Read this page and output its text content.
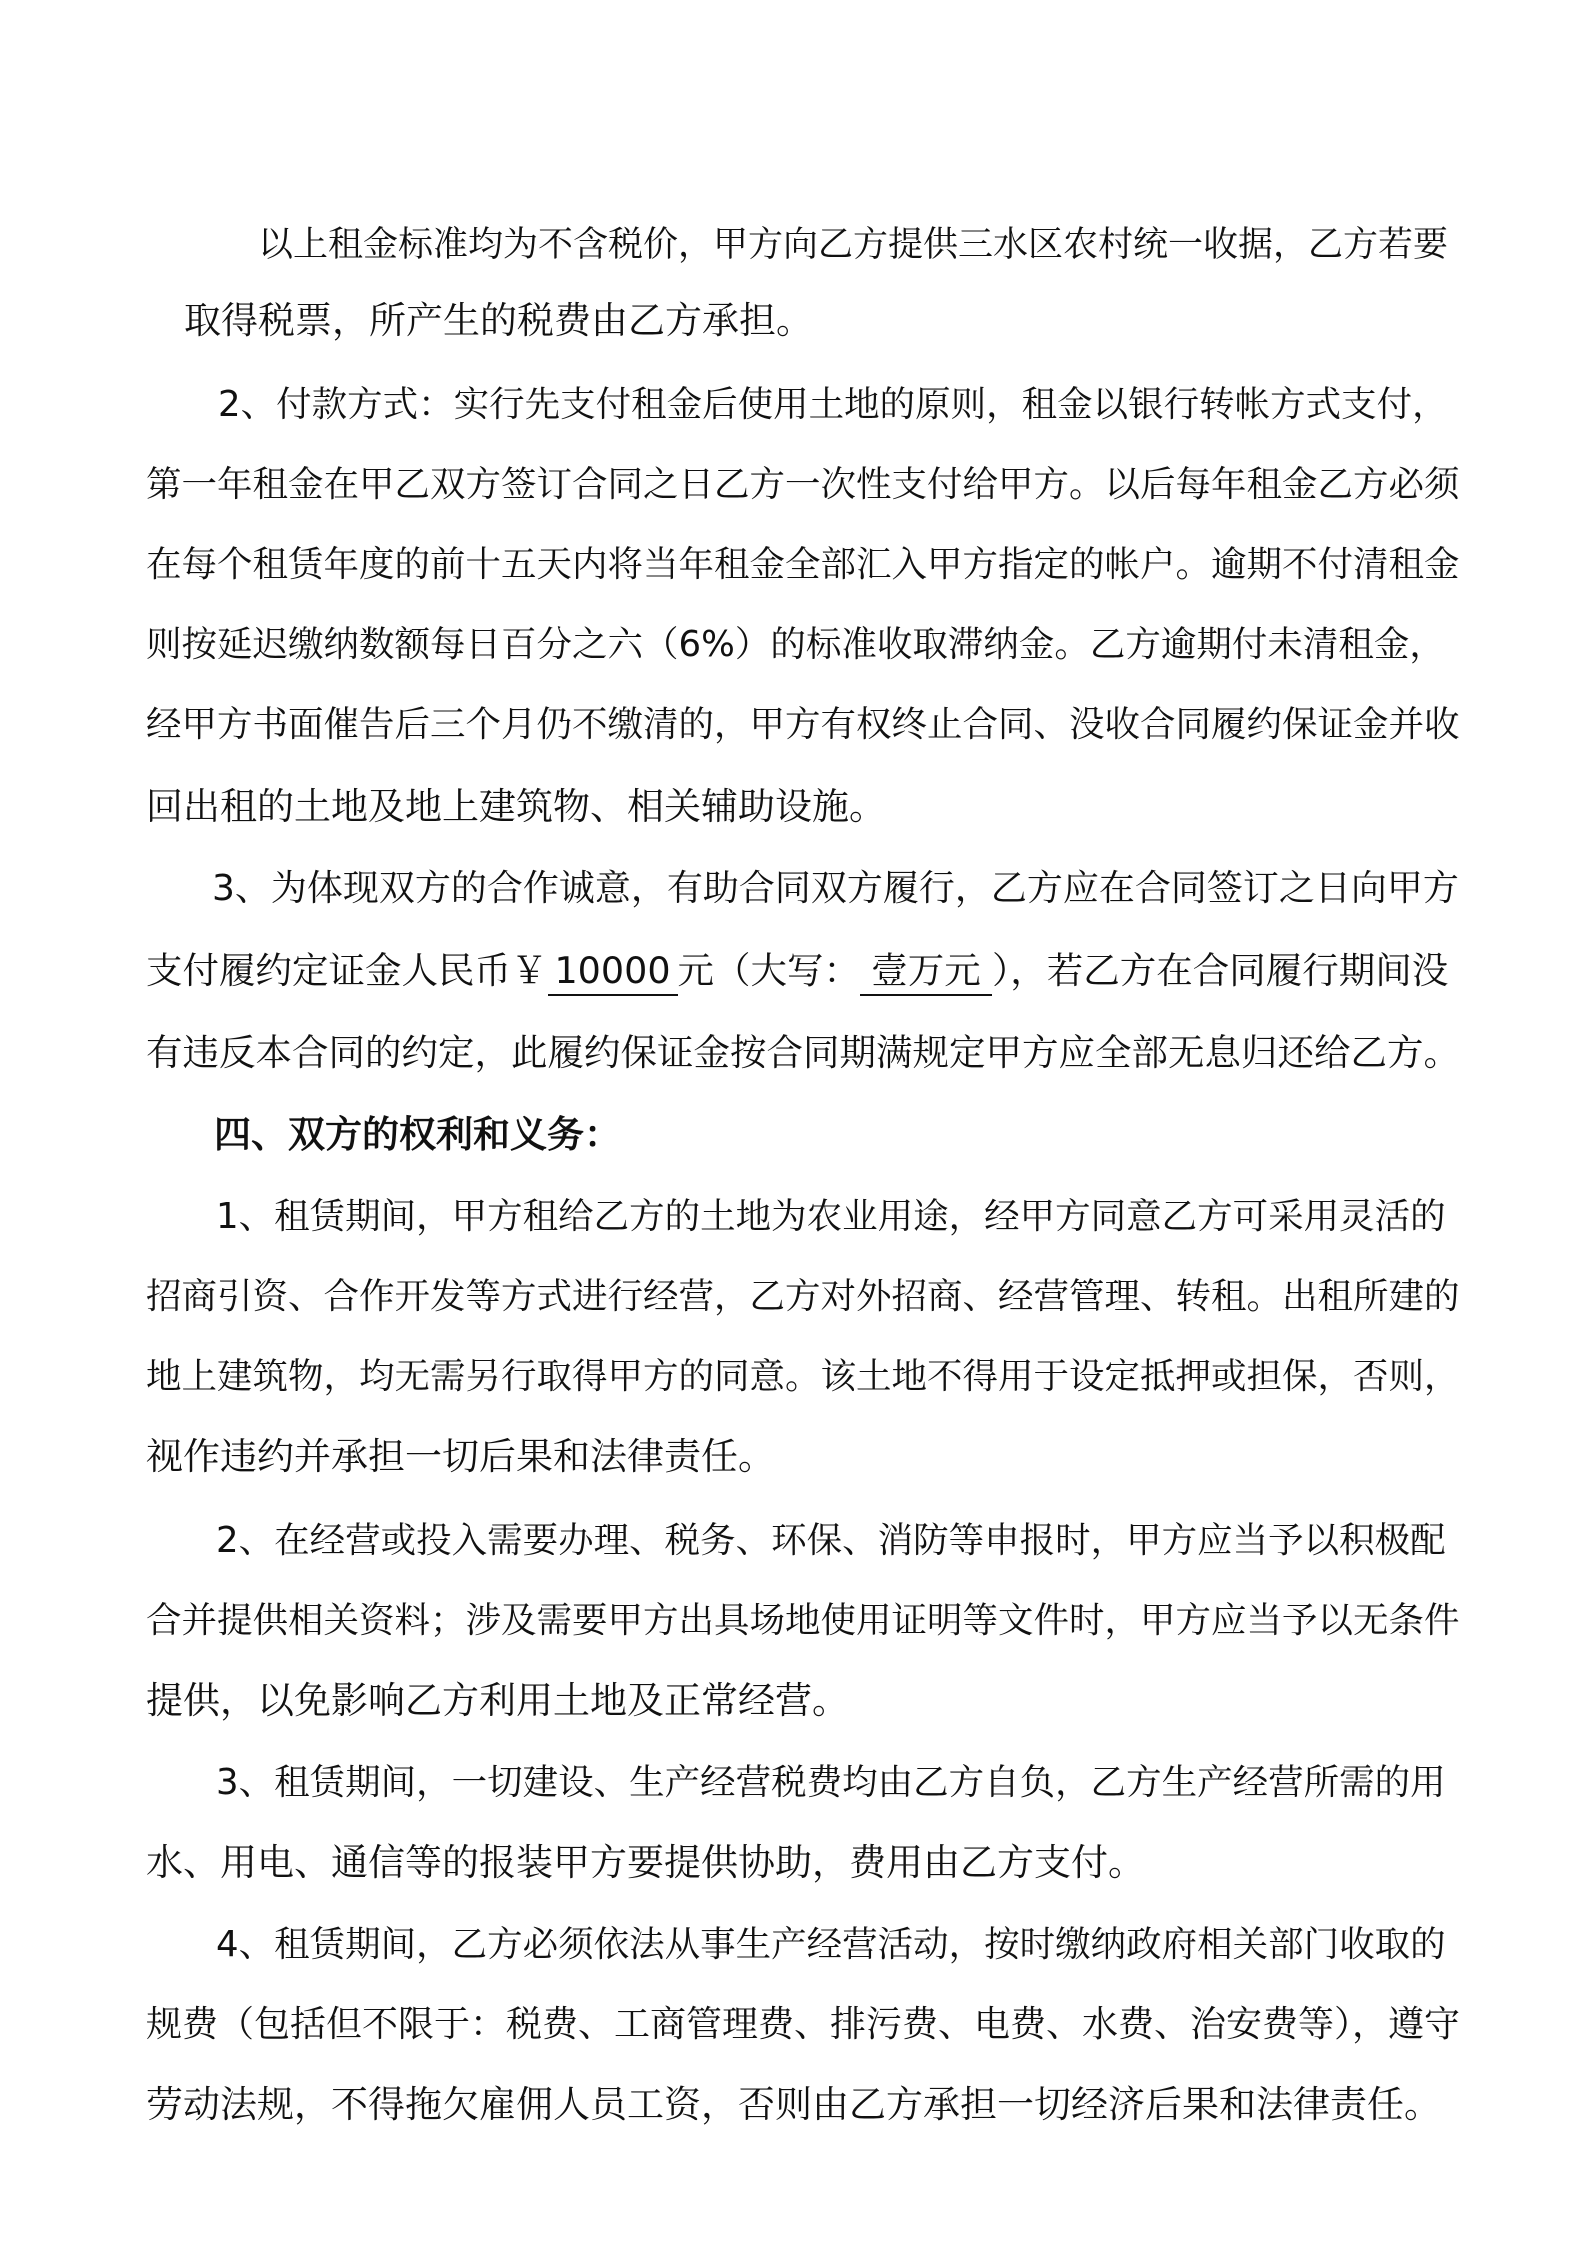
以上租金标准均为不含税价，甲方向乙方提供三水区农村统一收据，乙方若要
取得税票，所产生的税费由乙方承担。
2、付款方式：实行先支付租金后使用土地的原则，租金以银行转帐方式支付，
第一年租金在甲乙双方签订合同之日乙方一次性支付给甲方。以后每年租金乙方必须
在每个租赁年度的前十五天内将当年租金全部汇入甲方指定的帐户。逾期不付清租金
则按延迟缴纳数额每日百分之六（6%）的标准收取滞纳金。乙方逾期付未清租金，
经甲方书面催告后三个月仍不缴清的，甲方有权终止合同、没收合同履约保证金并收
回出租的土地及地上建筑物、相关辅助设施。
3、为体现双方的合作诚意，有助合同双方履行，乙方应在合同签订之日向甲方
支付履约定证金人民币￥ 10000 元（大写： 壹万元 ），若乙方在合同履行期间没
有违反本合同的约定，此履约保证金按合同期满规定甲方应全部无息归还给乙方。
四、双方的权利和义务：
1、租赁期间，甲方租给乙方的土地为农业用途，经甲方同意乙方可采用灵活的
招商引资、合作开发等方式进行经营，乙方对外招商、经营管理、转租。出租所建的
地上建筑物，均无需另行取得甲方的同意。该土地不得用于设定抵押或担保，否则，
视作违约并承担一切后果和法律责任。
2、在经营或投入需要办理、税务、环保、消防等申报时，甲方应当予以积极配
合并提供相关资料；涉及需要甲方出具场地使用证明等文件时，甲方应当予以无条件
提供，以免影响乙方利用土地及正常经营。
3、租赁期间，一切建设、生产经营税费均由乙方自负，乙方生产经营所需的用
水、用电、通信等的报装甲方要提供协助，费用由乙方支付。
4、租赁期间，乙方必须依法从事生产经营活动，按时缴纳政府相关部门收取的
规费（包括但不限于：税费、工商管理费、排污费、电费、水费、治安费等），遵守
劳动法规，不得拖欠雇佣人员工资，否则由乙方承担一切经济后果和法律责任。
